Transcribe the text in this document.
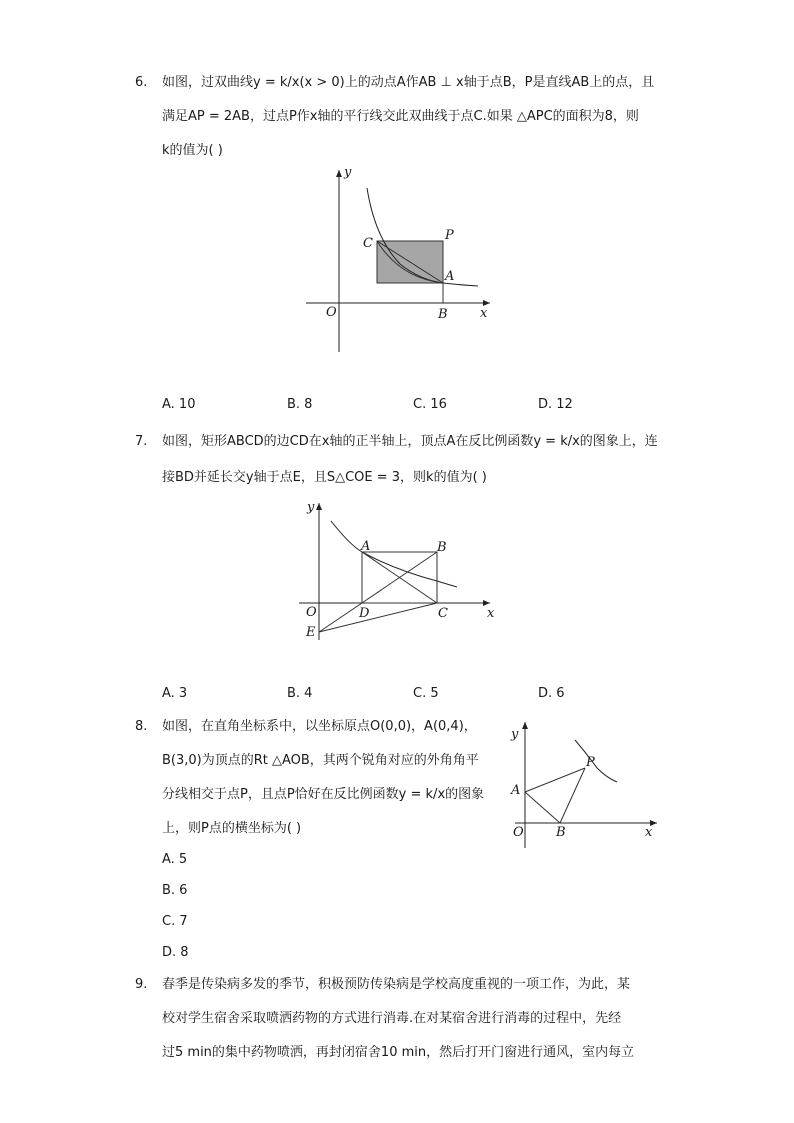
6. 如图，过双曲线y = k/x(x > 0)上的动点A作AB ⊥ x轴于点B，P是直线AB上的点，且
满足AP = 2AB，过点P作x轴的平行线交此双曲线于点C.如果 △APC的面积为8，则
k的值为( )
y
C
P
A
O	B x
A. 10	B. 8	C. 16	D. 12
7. 如图，矩形ABCD的边CD在x轴的正半轴上，顶点A在反比例函数y = k/x的图象上，连
接BD并延长交y轴于点E，且S△COE = 3，则k的值为( )
y
A	B
O	D	C	x
E
A. 3	B. 4	C. 5	D. 6
8. 如图，在直角坐标系中，以坐标原点O(0,0)，A(0,4)，
B(3,0)为顶点的Rt △AOB，其两个锐角对应的外角角平
分线相交于点P，且点P恰好在反比例函数y = k/x的图象
上，则P点的横坐标为( )
y
P
A
O B	x
A. 5
B. 6
C. 7
D. 8
9. 春季是传染病多发的季节，积极预防传染病是学校高度重视的一项工作，为此，某
校对学生宿舍采取喷洒药物的方式进行消毒.在对某宿舍进行消毒的过程中，先经
过5 min的集中药物喷洒，再封闭宿舍10 min，然后打开门窗进行通风，室内每立
